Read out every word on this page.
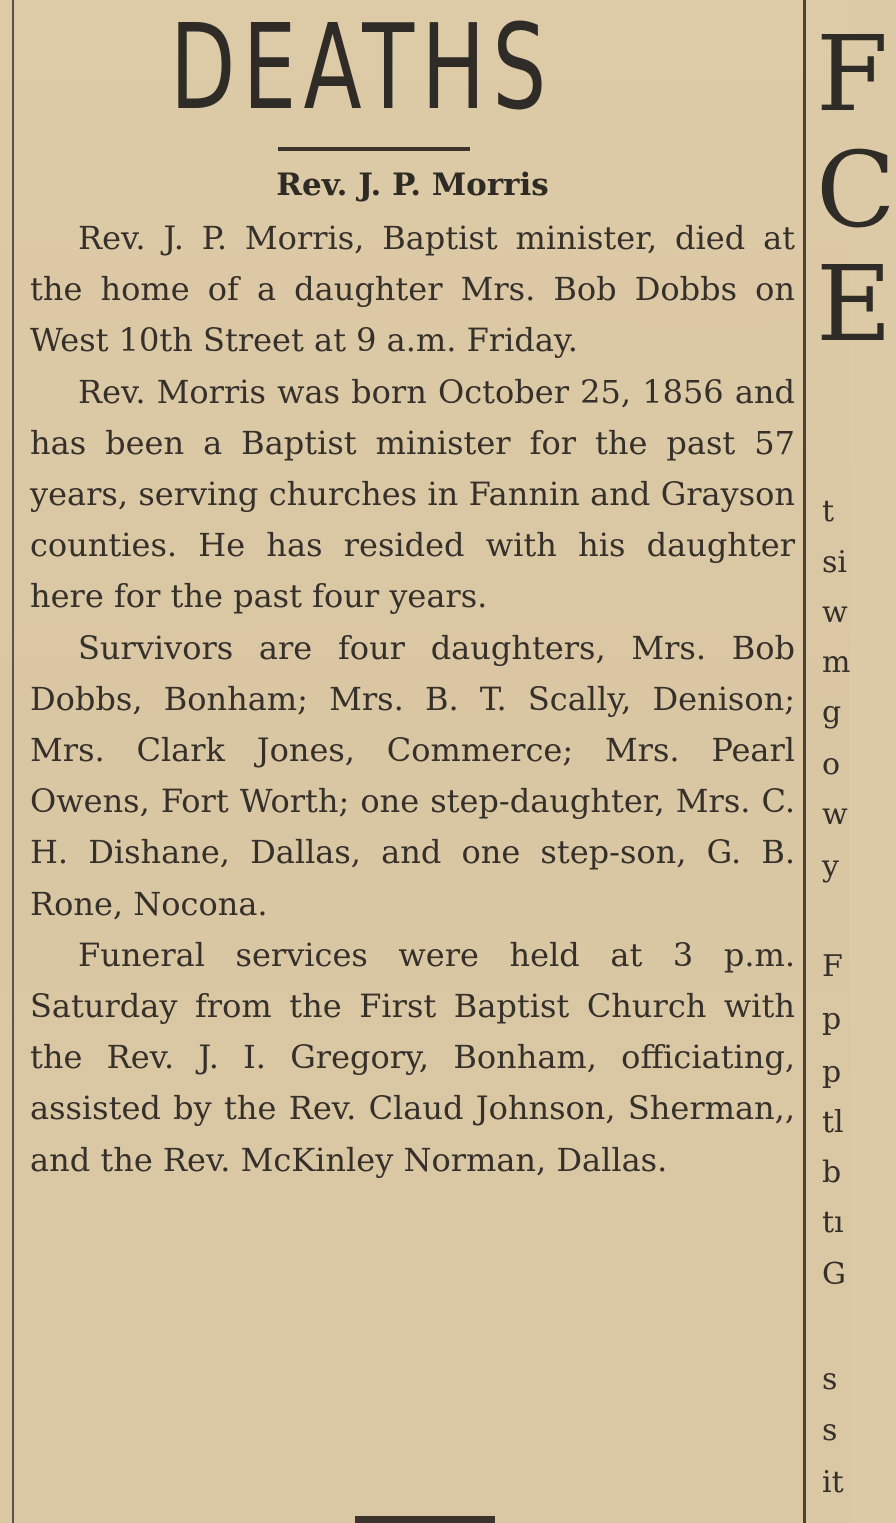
DEATHS
Rev. J. P. Morris

Rev. J. P. Morris, Baptist minister, died at the home of a daughter Mrs. Bob Dobbs on West 10th Street at 9 a.m. Friday.

Rev. Morris was born October 25, 1856 and has been a Baptist minister for the past 57 years, serving churches in Fannin and Grayson counties. He has resided with his daughter here for the past four years.

Survivors are four daughters, Mrs. Bob Dobbs, Bonham; Mrs. B. T. Scally, Denison; Mrs. Clark Jones, Commerce; Mrs. Pearl Owens, Fort Worth; one step-daughter, Mrs. C. H. Dishane, Dallas, and one step-son, G. B. Rone, Nocona.

Funeral services were held at 3 p.m. Saturday from the First Baptist Church with the Rev. J. I. Gregory, Bonham, officiating, assisted by the Rev. Claud Johnson, Sherman,, and the Rev. McKinley Norman, Dallas.

F
C
E
t
si
w
m
g
o
w
y
F
p
p
tl
b
tı
G
s
s
it
